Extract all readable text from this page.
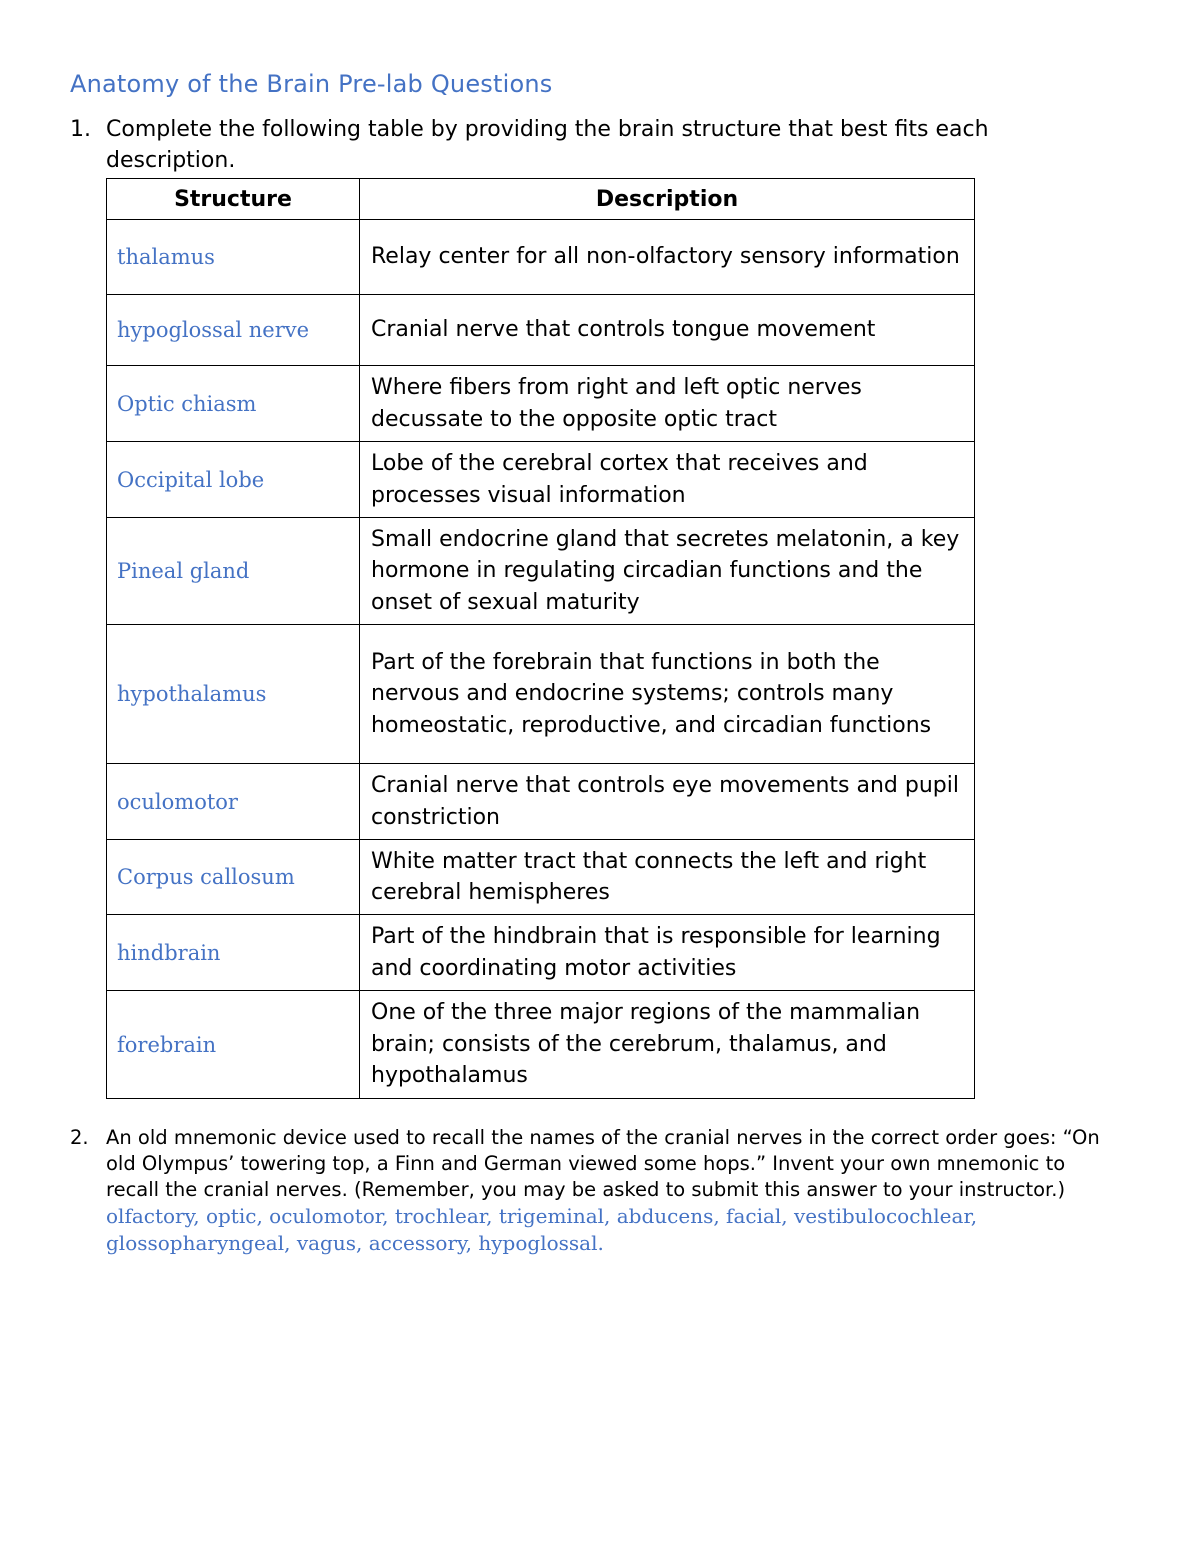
Anatomy of the Brain Pre-lab Questions
1. Complete the following table by providing the brain structure that best fits each description.
Structure	Description
thalamus	Relay center for all non-olfactory sensory information
hypoglossal nerve	Cranial nerve that controls tongue movement
Optic chiasm	Where fibers from right and left optic nerves decussate to the opposite optic tract
Occipital lobe	Lobe of the cerebral cortex that receives and processes visual information
Pineal gland	Small endocrine gland that secretes melatonin, a key hormone in regulating circadian functions and the onset of sexual maturity
hypothalamus	Part of the forebrain that functions in both the nervous and endocrine systems; controls many homeostatic, reproductive, and circadian functions
oculomotor	Cranial nerve that controls eye movements and pupil constriction
Corpus callosum	White matter tract that connects the left and right cerebral hemispheres
hindbrain	Part of the hindbrain that is responsible for learning and coordinating motor activities
forebrain	One of the three major regions of the mammalian brain; consists of the cerebrum, thalamus, and hypothalamus
2. An old mnemonic device used to recall the names of the cranial nerves in the correct order goes: “On old Olympus’ towering top, a Finn and German viewed some hops.” Invent your own mnemonic to recall the cranial nerves. (Remember, you may be asked to submit this answer to your instructor.) olfactory, optic, oculomotor, trochlear, trigeminal, abducens, facial, vestibulocochlear, glossopharyngeal, vagus, accessory, hypoglossal.
